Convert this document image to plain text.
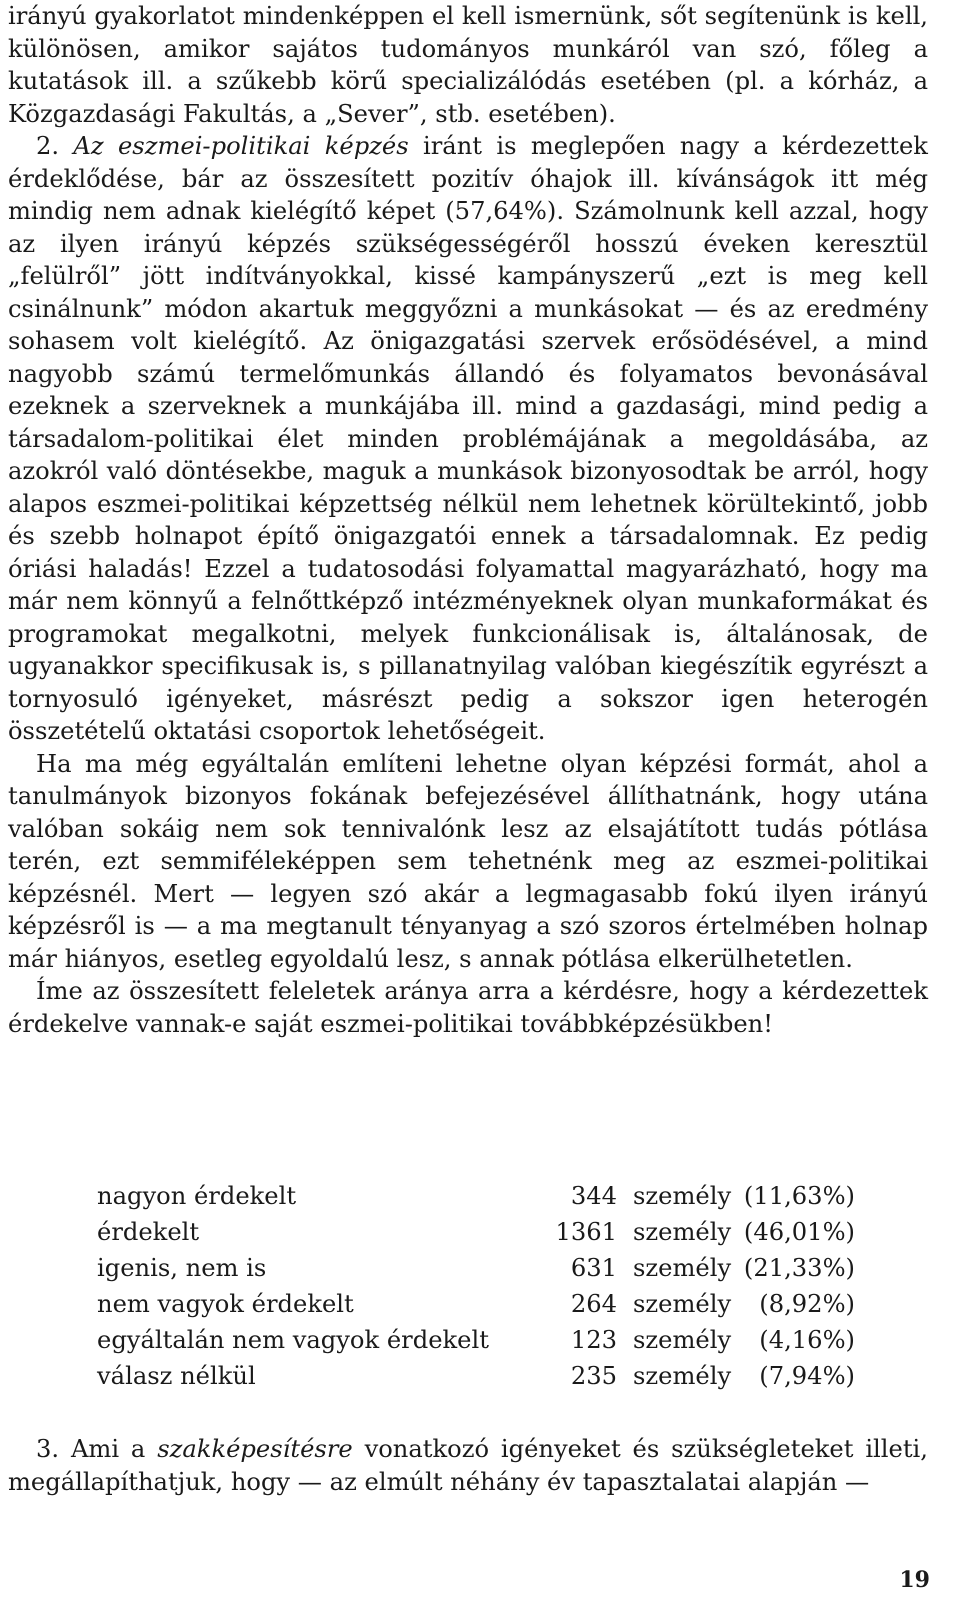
irányú gyakorlatot mindenképpen el kell ismernünk, sőt segítenünk is kell, különösen, amikor sajátos tudományos munkáról van szó, főleg a kutatások ill. a szűkebb körű specializálódás esetében (pl. a kórház, a Közgazdasági Fakultás, a „Sever”, stb. esetében).

2. Az eszmei-politikai képzés iránt is meglepően nagy a kérdezettek érdeklődése, bár az összesített pozitív óhajok ill. kívánságok itt még mindig nem adnak kielégítő képet (57,64%). Számolnunk kell azzal, hogy az ilyen irányú képzés szükségességéről hosszú éveken keresztül „felülről” jött indítványokkal, kissé kampányszerű „ezt is meg kell csinálnunk” módon akartuk meggyőzni a munkásokat — és az eredmény sohasem volt kielégítő. Az önigazgatási szervek erősödésével, a mind nagyobb számú termelőmunkás állandó és folyamatos bevonásával ezeknek a szerveknek a munkájába ill. mind a gazdasági, mind pedig a társadalom-politikai élet minden problémájának a megoldásába, az azokról való döntésekbe, maguk a munkások bizonyosodtak be arról, hogy alapos eszmei-politikai képzettség nélkül nem lehetnek körültekintő, jobb és szebb holnapot építő önigazgatói ennek a társadalomnak. Ez pedig óriási haladás! Ezzel a tudatosodási folyamattal magyarázható, hogy ma már nem könnyű a felnőttképző intézményeknek olyan munkaformákat és programokat megalkotni, melyek funkcionálisak is, általánosak, de ugyanakkor specifikusak is, s pillanatnyilag valóban kiegészítik egyrészt a tornyosuló igényeket, másrészt pedig a sokszor igen heterogén összetételű oktatási csoportok lehetőségeit.

Ha ma még egyáltalán említeni lehetne olyan képzési formát, ahol a tanulmányok bizonyos fokának befejezésével állíthatnánk, hogy utána valóban sokáig nem sok tennivalónk lesz az elsajátított tudás pótlása terén, ezt semmiféleképpen sem tehetnénk meg az eszmei-politikai képzésnél. Mert — legyen szó akár a legmagasabb fokú ilyen irányú képzésről is — a ma megtanult tényanyag a szó szoros értelmében holnap már hiányos, esetleg egyoldalú lesz, s annak pótlása elkerülhetetlen.

Íme az összesített feleletek aránya arra a kérdésre, hogy a kérdezettek érdekelve vannak-e saját eszmei-politikai továbbképzésükben!

nagyon érdekelt	344 személy (11,63%)
érdekelt	1361 személy (46,01%)
igenis, nem is	631 személy (21,33%)
nem vagyok érdekelt	264 személy	(8,92%)
egyáltalán nem vagyok érdekelt	123 személy	(4,16%)
válasz nélkül	235 személy	(7,94%)

3. Ami a szakképesítésre vonatkozó igényeket és szükségleteket illeti, megállapíthatjuk, hogy — az elmúlt néhány év tapasztalatai alapján —

19
